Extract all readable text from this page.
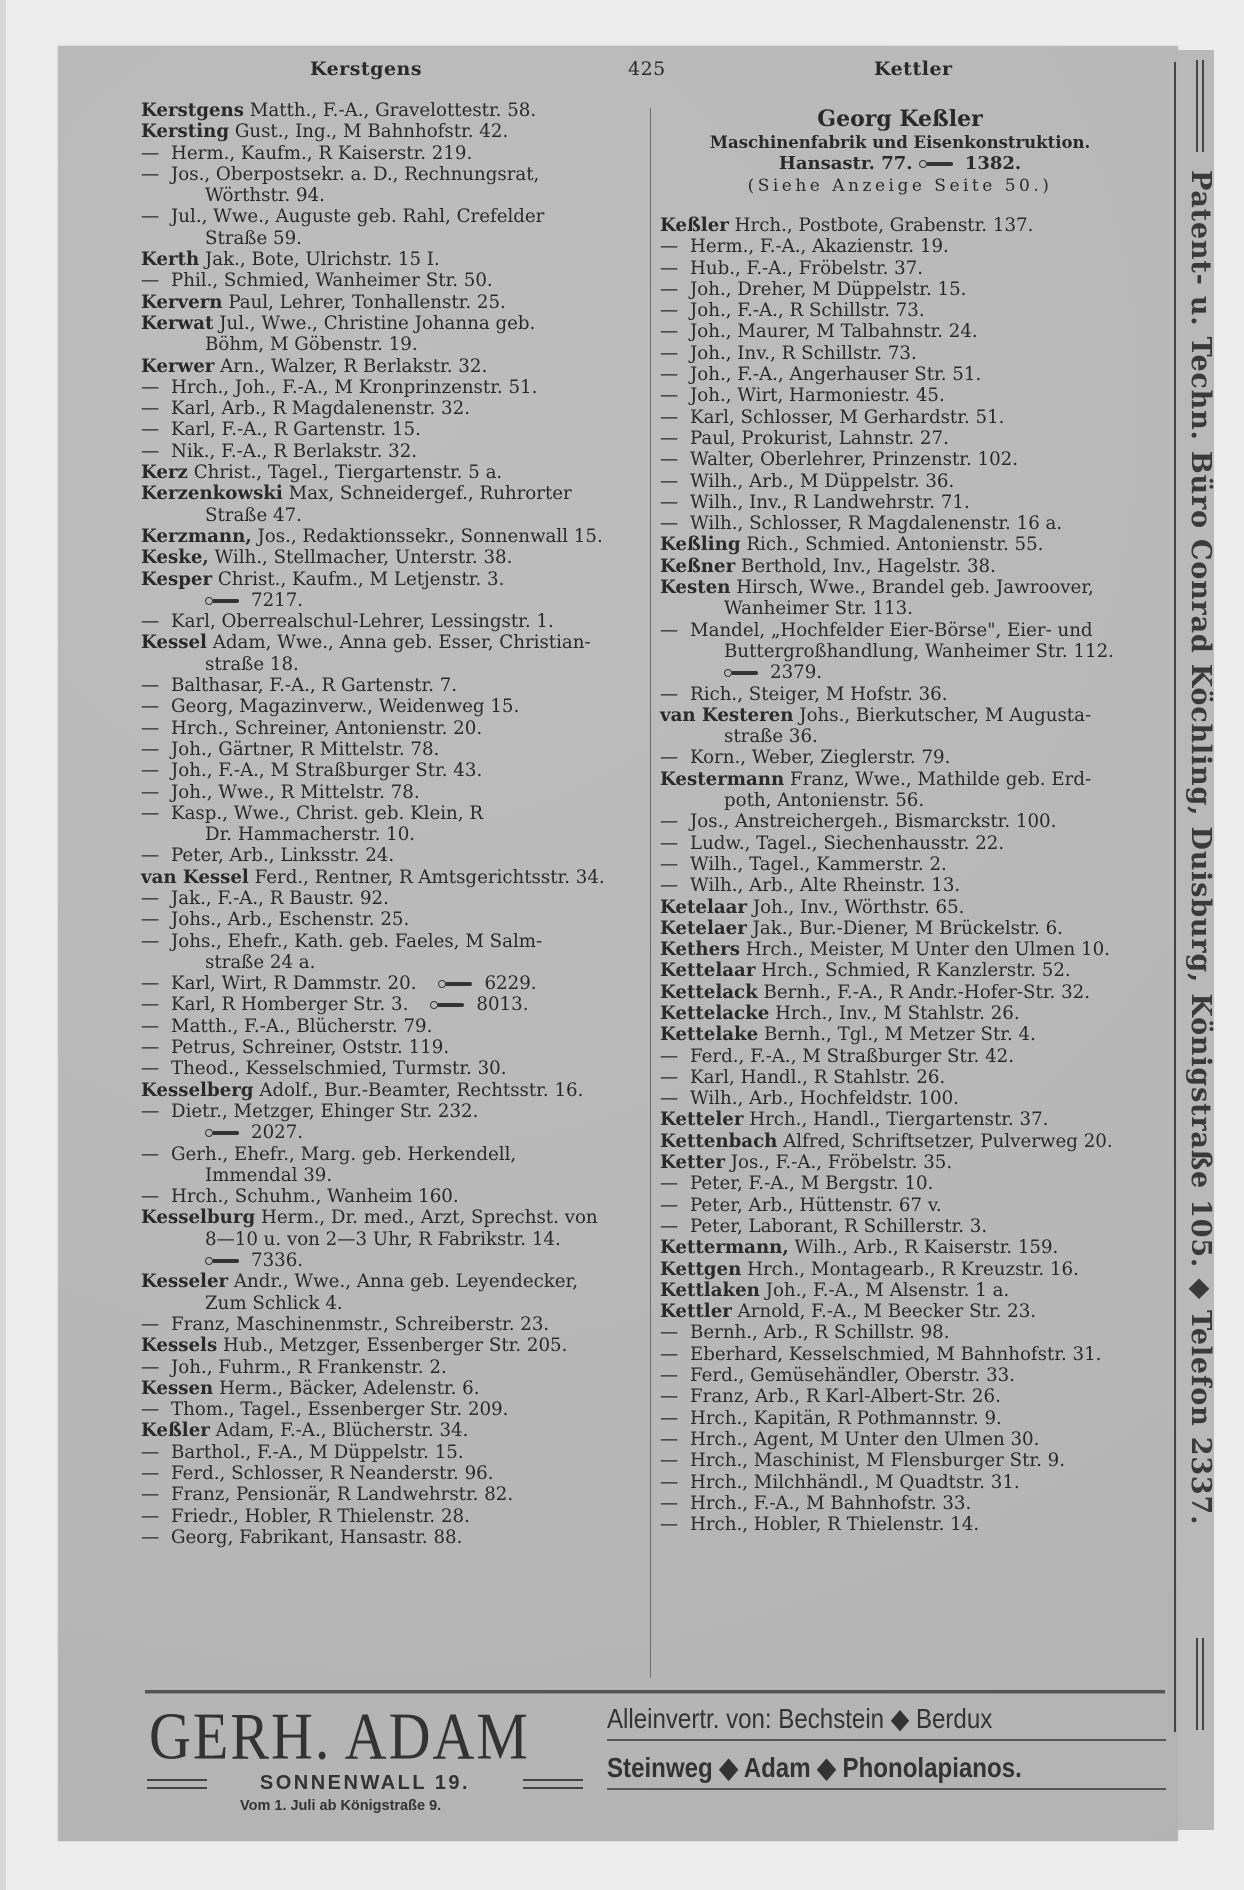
Kerstgens	425	Kettler
Kerstgens Matth., F.-A., Gravelottestr. 58.
Kersting Gust., Ing., M Bahnhofstr. 42.
— Herm., Kaufm., R Kaiserstr. 219.
— Jos., Oberpostsekr. a. D., Rechnungsrat,
Wörthstr. 94.
— Jul., Wwe., Auguste geb. Rahl, Crefelder
Straße 59.
Kerth Jak., Bote, Ulrichstr. 15 I.
— Phil., Schmied, Wanheimer Str. 50.
Kervern Paul, Lehrer, Tonhallenstr. 25.
Kerwat Jul., Wwe., Christine Johanna geb.
Böhm, M Göbenstr. 19.
Kerwer Arn., Walzer, R Berlakstr. 32.
— Hrch., Joh., F.-A., M Kronprinzenstr. 51.
— Karl, Arb., R Magdalenenstr. 32.
— Karl, F.-A., R Gartenstr. 15.
— Nik., F.-A., R Berlakstr. 32.
Kerz Christ., Tagel., Tiergartenstr. 5 a.
Kerzenkowski Max, Schneidergef., Ruhrorter
Straße 47.
Kerzmann, Jos., Redaktionssekr., Sonnenwall 15.
Keske, Wilh., Stellmacher, Unterstr. 38.
Kesper Christ., Kaufm., M Letjenstr. 3.
7217.
— Karl, Oberrealschul-Lehrer, Lessingstr. 1.
Kessel Adam, Wwe., Anna geb. Esser, Christian-
straße 18.
— Balthasar, F.-A., R Gartenstr. 7.
— Georg, Magazinverw., Weidenweg 15.
— Hrch., Schreiner, Antonienstr. 20.
— Joh., Gärtner, R Mittelstr. 78.
— Joh., F.-A., M Straßburger Str. 43.
— Joh., Wwe., R Mittelstr. 78.
— Kasp., Wwe., Christ. geb. Klein, R
Dr. Hammacherstr. 10.
— Peter, Arb., Linksstr. 24.
van Kessel Ferd., Rentner, R Amtsgerichtsstr. 34.
— Jak., F.-A., R Baustr. 92.
— Johs., Arb., Eschenstr. 25.
— Johs., Ehefr., Kath. geb. Faeles, M Salm-
straße 24 a.
— Karl, Wirt, R Dammstr. 20.	6229.
— Karl, R Homberger Str. 3.	8013.
— Matth., F.-A., Blücherstr. 79.
— Petrus, Schreiner, Oststr. 119.
— Theod., Kesselschmied, Turmstr. 30.
Kesselberg Adolf., Bur.-Beamter, Rechtsstr. 16.
— Dietr., Metzger, Ehinger Str. 232.
2027.
— Gerh., Ehefr., Marg. geb. Herkendell,
Immendal 39.
— Hrch., Schuhm., Wanheim 160.
Kesselburg Herm., Dr. med., Arzt, Sprechst. von
8—10 u. von 2—3 Uhr, R Fabrikstr. 14.
7336.
Kesseler Andr., Wwe., Anna geb. Leyendecker,
Zum Schlick 4.
— Franz, Maschinenmstr., Schreiberstr. 23.
Kessels Hub., Metzger, Essenberger Str. 205.
— Joh., Fuhrm., R Frankenstr. 2.
Kessen Herm., Bäcker, Adelenstr. 6.
— Thom., Tagel., Essenberger Str. 209.
Keßler Adam, F.-A., Blücherstr. 34.
— Barthol., F.-A., M Düppelstr. 15.
— Ferd., Schlosser, R Neanderstr. 96.
— Franz, Pensionär, R Landwehrstr. 82.
— Friedr., Hobler, R Thielenstr. 28.
— Georg, Fabrikant, Hansastr. 88.
Georg Keßler
Maschinenfabrik und Eisenkonstruktion.
Hansastr. 77.	1382.
(Siehe Anzeige Seite 50.)
Keßler Hrch., Postbote, Grabenstr. 137.
— Herm., F.-A., Akazienstr. 19.
— Hub., F.-A., Fröbelstr. 37.
— Joh., Dreher, M Düppelstr. 15.
— Joh., F.-A., R Schillstr. 73.
— Joh., Maurer, M Talbahnstr. 24.
— Joh., Inv., R Schillstr. 73.
— Joh., F.-A., Angerhauser Str. 51.
— Joh., Wirt, Harmoniestr. 45.
— Karl, Schlosser, M Gerhardstr. 51.
— Paul, Prokurist, Lahnstr. 27.
— Walter, Oberlehrer, Prinzenstr. 102.
— Wilh., Arb., M Düppelstr. 36.
— Wilh., Inv., R Landwehrstr. 71.
— Wilh., Schlosser, R Magdalenenstr. 16 a.
Keßling Rich., Schmied. Antonienstr. 55.
Keßner Berthold, Inv., Hagelstr. 38.
Kesten Hirsch, Wwe., Brandel geb. Jawroover,
Wanheimer Str. 113.
— Mandel, „Hochfelder Eier-Börse", Eier- und
Buttergroßhandlung, Wanheimer Str. 112.
2379.
— Rich., Steiger, M Hofstr. 36.
van Kesteren Johs., Bierkutscher, M Augusta-
straße 36.
— Korn., Weber, Zieglerstr. 79.
Kestermann Franz, Wwe., Mathilde geb. Erd-
poth, Antonienstr. 56.
— Jos., Anstreichergeh., Bismarckstr. 100.
— Ludw., Tagel., Siechenhausstr. 22.
— Wilh., Tagel., Kammerstr. 2.
— Wilh., Arb., Alte Rheinstr. 13.
Ketelaar Joh., Inv., Wörthstr. 65.
Ketelaer Jak., Bur.-Diener, M Brückelstr. 6.
Kethers Hrch., Meister, M Unter den Ulmen 10.
Kettelaar Hrch., Schmied, R Kanzlerstr. 52.
Kettelack Bernh., F.-A., R Andr.-Hofer-Str. 32.
Kettelacke Hrch., Inv., M Stahlstr. 26.
Kettelake Bernh., Tgl., M Metzer Str. 4.
— Ferd., F.-A., M Straßburger Str. 42.
— Karl, Handl., R Stahlstr. 26.
— Wilh., Arb., Hochfeldstr. 100.
Ketteler Hrch., Handl., Tiergartenstr. 37.
Kettenbach Alfred, Schriftsetzer, Pulverweg 20.
Ketter Jos., F.-A., Fröbelstr. 35.
— Peter, F.-A., M Bergstr. 10.
— Peter, Arb., Hüttenstr. 67 v.
— Peter, Laborant, R Schillerstr. 3.
Kettermann, Wilh., Arb., R Kaiserstr. 159.
Kettgen Hrch., Montagearb., R Kreuzstr. 16.
Kettlaken Joh., F.-A., M Alsenstr. 1 a.
Kettler Arnold, F.-A., M Beecker Str. 23.
— Bernh., Arb., R Schillstr. 98.
— Eberhard, Kesselschmied, M Bahnhofstr. 31.
— Ferd., Gemüsehändler, Oberstr. 33.
— Franz, Arb., R Karl-Albert-Str. 26.
— Hrch., Kapitän, R Pothmannstr. 9.
— Hrch., Agent, M Unter den Ulmen 30.
— Hrch., Maschinist, M Flensburger Str. 9.
— Hrch., Milchhändl., M Quadtstr. 31.
— Hrch., F.-A., M Bahnhofstr. 33.
— Hrch., Hobler, R Thielenstr. 14.
GERH. ADAM
SONNENWALL 19.
Vom 1. Juli ab Königstraße 9.
Alleinvertr. von: Bechstein ◆ Berdux
Steinweg ◆ Adam ◆ Phonolapianos.
Patent- u. Techn. Büro Conrad Köchling, Duisburg, Königstraße 105. ◆ Telefon 2337.
